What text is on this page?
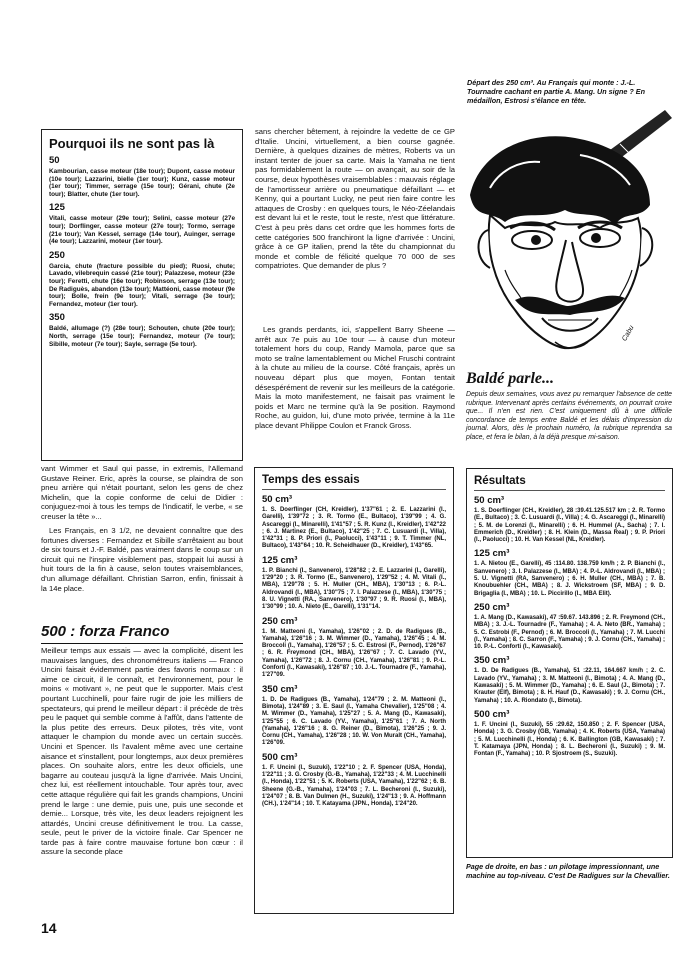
Pourquoi ils ne sont pas là
50
Kambourian, casse moteur (18e tour); Dupont, casse moteur (10e tour); Lazzarini, bielle (1er tour); Kunz, casse moteur (1er tour); Timmer, serrage (15e tour); Gérani, chute (2e tour); Blatter, chute (1er tour).
125
Vitali, casse moteur (29e tour); Selini, casse moteur (27e tour); Dorflinger, casse moteur (27e tour); Tormo, serrage (21e tour); Van Kessel, serrage (14e tour), Auinger, serrage (4e tour); Lazzarini, moteur (1er tour).
250
Garcia, chute (fracture possible du pied); Ruosi, chute; Lavado, vilebrequin cassé (21e tour); Palazzese, moteur (23e tour); Feretti, chute (16e tour); Robinson, serrage (13e tour); De Radiguès, abandon (13e tour); Mattéoni, casse moteur (9e tour); Bolle, frein (9e tour); Vitali, serrage (3e tour); Fernandez, moteur (1er tour).
350
Baldé, allumage (?) (28e tour); Schouten, chute (20e tour); North, serrage (15e tour); Fernandez, moteur (7e tour); Sibille, moteur (7e tour); Sayle, serrage (5e tour).
vant Wimmer et Saul qui passe, in extremis, l'Allemand Gustave Reiner. Eric, après la course, se plaindra de son pneu arrière qui n'était pourtant, selon les gens de chez Michelin, que la copie conforme de celui de Didier : conjuguez-moi à tous les temps de l'indicatif, le verbe, « se creuser la tête »...
Les Français, en 3 1/2, ne devaient connaître que des fortunes diverses : Fernandez et Sibille s'arrêtaient au bout de six tours et J.-F. Baldé, pas vraiment dans le coup sur un circuit qui ne l'inspire visiblement pas, stoppait lui aussi à huit tours de la fin à cause, selon toutes vraisemblances, d'un allumage défaillant. Christian Sarron, enfin, finissait à la 14e place.
500 : forza Franco
Meilleur temps aux essais — avec la complicité, disent les mauvaises langues, des chronométreurs italiens — Franco Uncini faisait évidemment partie des favoris normaux : il aime ce circuit, il le connaît, et l'environnement, pour le moins « motivant », ne peut que le supporter. Mais c'est pourtant Lucchinelli, pour faire rugir de joie les milliers de spectateurs, qui prend le meilleur départ : il précède de très peu le paquet qui semble comme à l'affût, dans l'attente de la plus petite des erreurs. Deux pilotes, très vite, vont attaquer le champion du monde avec un certain succès. Uncini et Spencer. Ils l'avalent même avec une certaine aisance et s'installent, pour longtemps, aux deux premières places. On souhaite alors, entre les deux officiels, une bagarre au couteau jusqu'à la ligne d'arrivée. Mais Uncini, chez lui, est réellement intouchable. Tour après tour, avec cette attaque régulière qui fait les grands champions, Uncini prend le large : une demie, puis une, puis une seconde et demie... Lorsque, très vite, les deux leaders rejoignent les attardés, Uncini creuse définitivement le trou. La casse, seule, peut le priver de la victoire finale. Car Spencer ne tarde pas à faire contre mauvaise fortune bon cœur : il assure la seconde place
14
sans chercher bêtement, à rejoindre la vedette de ce GP d'Italie. Uncini, virtuellement, a bien course gagnée. Dernière, à quelques dizaines de mètres, Roberts va un instant tenter de jouer sa carte. Mais la Yamaha ne tient pas formidablement la route — on avançait, au soir de la course, deux hypothèses vraisemblables : mauvais réglage de l'amortisseur arrière ou pneumatique défaillant — et Kenny, qui a pourtant Lucky, ne peut rien faire contre les attaques de Crosby : en quelques tours, le Néo-Zéelandais est devant lui et le reste, tout le reste, n'est que littérature. C'est à peu près dans cet ordre que les hommes forts de cette catégories 500 franchiront la ligne d'arrivée : Uncini, grâce à ce GP italien, prend la tête du championnat du monde et comble de félicité quelque 70 000 de ses compatriotes. Que demander de plus ?
Les grands perdants, ici, s'appellent Barry Sheene — arrêt aux 7e puis au 10e tour — à cause d'un moteur totalement hors du coup, Randy Mamola, parce que sa moto se traîne lamentablement ou Michel Fruschi contraint à la chute au milieu de la course. Côté français, après un nouveau départ plus que moyen, Fontan tentait désespérément de revenir sur les meilleurs de la catégorie. Mais la moto manifestement, ne faisait pas vraiment le poids et Marc ne termine qu'à la 9e position. Raymond Roche, au guidon, lui, d'une moto privée, termine à la 11e place devant Philippe Coulon et Franck Gross.
Temps des essais
50 cm³
1. S. Doerflinger (CH, Kreidler), 1'37"61 ; 2. E. Lazzarini (I., Garelli), 1'39"72 ; 3. R. Tormo (E., Bultaco), 1'39"99 ; 4. G. Ascareggi (I., Minarelli), 1'41"57 ; 5. R. Kunz (I., Kreidler), 1'42"22 ; 6. J. Martinez (E., Bultaco), 1'42"25 ; 7. C. Lusuardi (I., Villa), 1'42"31 ; 8. P. Priori (I., Paolucci), 1'43"11 ; 9. T. Timmer (NL, Bultaco), 1'43"64 ; 10. R. Scheidhauer (D., Kreidler), 1'43"65.
125 cm³
1. P. Bianchi (I., Sanvenero), 1'28"82 ; 2. E. Lazzarini (I., Garelli), 1'29"20 ; 3. R. Tormo (E., Sanvenero), 1'29"52 ; 4. M. Vitali (I., MBA), 1'29"78 ; 5. H. Muller (CH., MBA), 1'30"13 ; 6. P.-L. Aldrovandi (I., MBA), 1'30"75 ; 7. I. Palazzese (I., MBA), 1'30"75 ; 8. U. Vignetti (RA., Sanvenero), 1'30"97 ; 9. R. Ruosi (I., MBA), 1'30"99 ; 10. A. Nieto (E., Garelli), 1'31"14.
250 cm³
1. M. Matteoni (I., Yamaha), 1'26"02 ; 2. D. de Radigues (B., Yamaha), 1'26"16 ; 3. M. Wimmer (D., Yamaha), 1'26"45 ; 4. M. Broccoli (I., Yamaha), 1'26"57 ; 5. C. Estrosi (F., Pernod), 1'26"67 ; 6. R. Freymond (CH., MBA), 1'26"67 ; 7. C. Lavado (YV., Yamaha), 1'26"72 ; 8. J. Cornu (CH., Yamaha), 1'26"81 ; 9. P.-L. Conforti (I., Kawasaki), 1'26"87 ; 10. J.-L. Tournadre (F., Yamaha), 1'27"09.
350 cm³
1. D. De Radigues (B., Yamaha), 1'24"79 ; 2. M. Matteoni (I., Bimota), 1'24"89 ; 3. E. Saul (I., Yamaha Chevalier), 1'25"08 ; 4. M. Wimmer (D., Yamaha), 1'25"27 ; 5. A. Mang (D., Kawasaki), 1'25"55 ; 6. C. Lavado (YV., Yamaha), 1'25"61 ; 7. A. North (Yamaha), 1'26"16 ; 8. G. Reiner (D., Bimota), 1'26"25 ; 9. J. Cornu (CH., Yamaha), 1'26"28 ; 10. W. Von Muralt (CH., Yamaha), 1'26"09.
500 cm³
1. F. Uncini (I., Suzuki), 1'22"10 ; 2. F. Spencer (USA, Honda), 1'22"11 ; 3. G. Crosby (G.-B., Yamaha), 1'22"33 ; 4. M. Lucchinelli (I., Honda), 1'22"51 ; 5. K. Roberts (USA, Yamaha), 1'22"62 ; 6. B. Sheene (G.-B., Yamaha), 1'24"03 ; 7. L. Becheroni (I., Suzuki), 1'24"07 ; 8. B. Van Dulmen (H., Suzuki), 1'24"13 ; 9. A. Hoffmann (CH.), 1'24"14 ; 10. T. Katayama (JPN., Honda), 1'24"20.
Départ des 250 cm³. Au Français qui monte : J.-L. Tournadre cachant en partie A. Mang. Un signe ? En médaillon, Estrosi s'élance en tête.
Cabu
Baldé parle...
Depuis deux semaines, vous avez pu remarquer l'absence de cette rubrique. Intervenant après certains événements, on pourrait croire que... Il n'en est rien. C'est uniquement dû à une difficile concordance de temps entre Baldé et les délais d'impression du journal. Alors, dès le prochain numéro, la rubrique reprendra sa place, et fera le bilan, à la déjà presque mi-saison.
Résultats
50 cm³
1. S. Doerflinger (CH., Kreidler), 28 :39.41.125.517 km ; 2. R. Tormo (E., Bultaco) ; 3. C. Lusuardi (I., Villa) ; 4. G. Ascareggi (I., Minarelli) ; 5. M. de Lorenzi (I., Minarelli) ; 6. H. Hummel (A., Sacha) ; 7. I. Emmerich (D., Kreidler) ; 8. H. Klein (D., Massa Real) ; 9. P. Priori (I., Paolucci) ; 10. H. Van Kessel (NL, Kreidler).
125 cm³
1. A. Nietou (E., Garelli), 45 :114.80. 138.759 km/h ; 2. P. Bianchi (I., Sanvenero) ; 3. I. Palazzese (I., MBA) ; 4. P.-L. Aldrovandi (I., MBA) ; 5. U. Vignetti (RA, Sanvenero) ; 6. H. Muller (CH., MBA) ; 7. B. Knoubuehler (CH., MBA) ; 8. J. Wickstroem (SF, MBA) ; 9. D. Brigaglia (I., MBA) ; 10. L. Piccirillo (I., MBA Elit).
250 cm³
1. A. Mang (D., Kawasaki), 47 :59.67. 143.896 ; 2. R. Freymond (CH., MBA) ; 3. J.-L. Tournadre (F., Yamaha) ; 4. A. Neto (BR., Yamaha) ; 5. C. Estrobi (F., Pernod) ; 6. M. Broccoli (I., Yamaha) ; 7. M. Lucchi (I., Yamaha) ; 8. C. Sarron (F., Yamaha) ; 9. J. Cornu (CH., Yamaha) ; 10. P.-L. Conforti (I., Kawasaki).
350 cm³
1. D. De Radigues (B., Yamaha), 51 :22.11, 164.667 km/h ; 2. C. Lavado (YV., Yamaha) ; 3. M. Matteoni (I., Bimota) ; 4. A. Mang (D., Kawasaki) ; 5. M. Wimmer (D., Yamaha) ; 6. E. Saul (J., Bimota) ; 7. Krauter (Elf), Bimota) ; 8. H. Hauf (D., Kawasaki) ; 9. J. Cornu (CH., Yamaha) ; 10. A. Riondato (I., Bimota).
500 cm³
1. F. Uncini (I., Suzuki), 55 :29.62, 150.850 ; 2. F. Spencer (USA, Honda) ; 3. G. Crosby (GB, Yamaha) ; 4. K. Roberts (USA, Yamaha) ; 5. M. Lucchinelli (I., Honda) ; 6. K. Ballington (GB, Kawasaki) ; 7. T. Katamaya (JPN, Honda) ; 8. L. Becheroni (I., Suzuki) ; 9. M. Fontan (F., Yamaha) ; 10. P. Sjostroem (S., Suzuki).
Page de droite, en bas : un pilotage impressionnant, une machine au top-niveau. C'est De Radigues sur la Chevallier.
